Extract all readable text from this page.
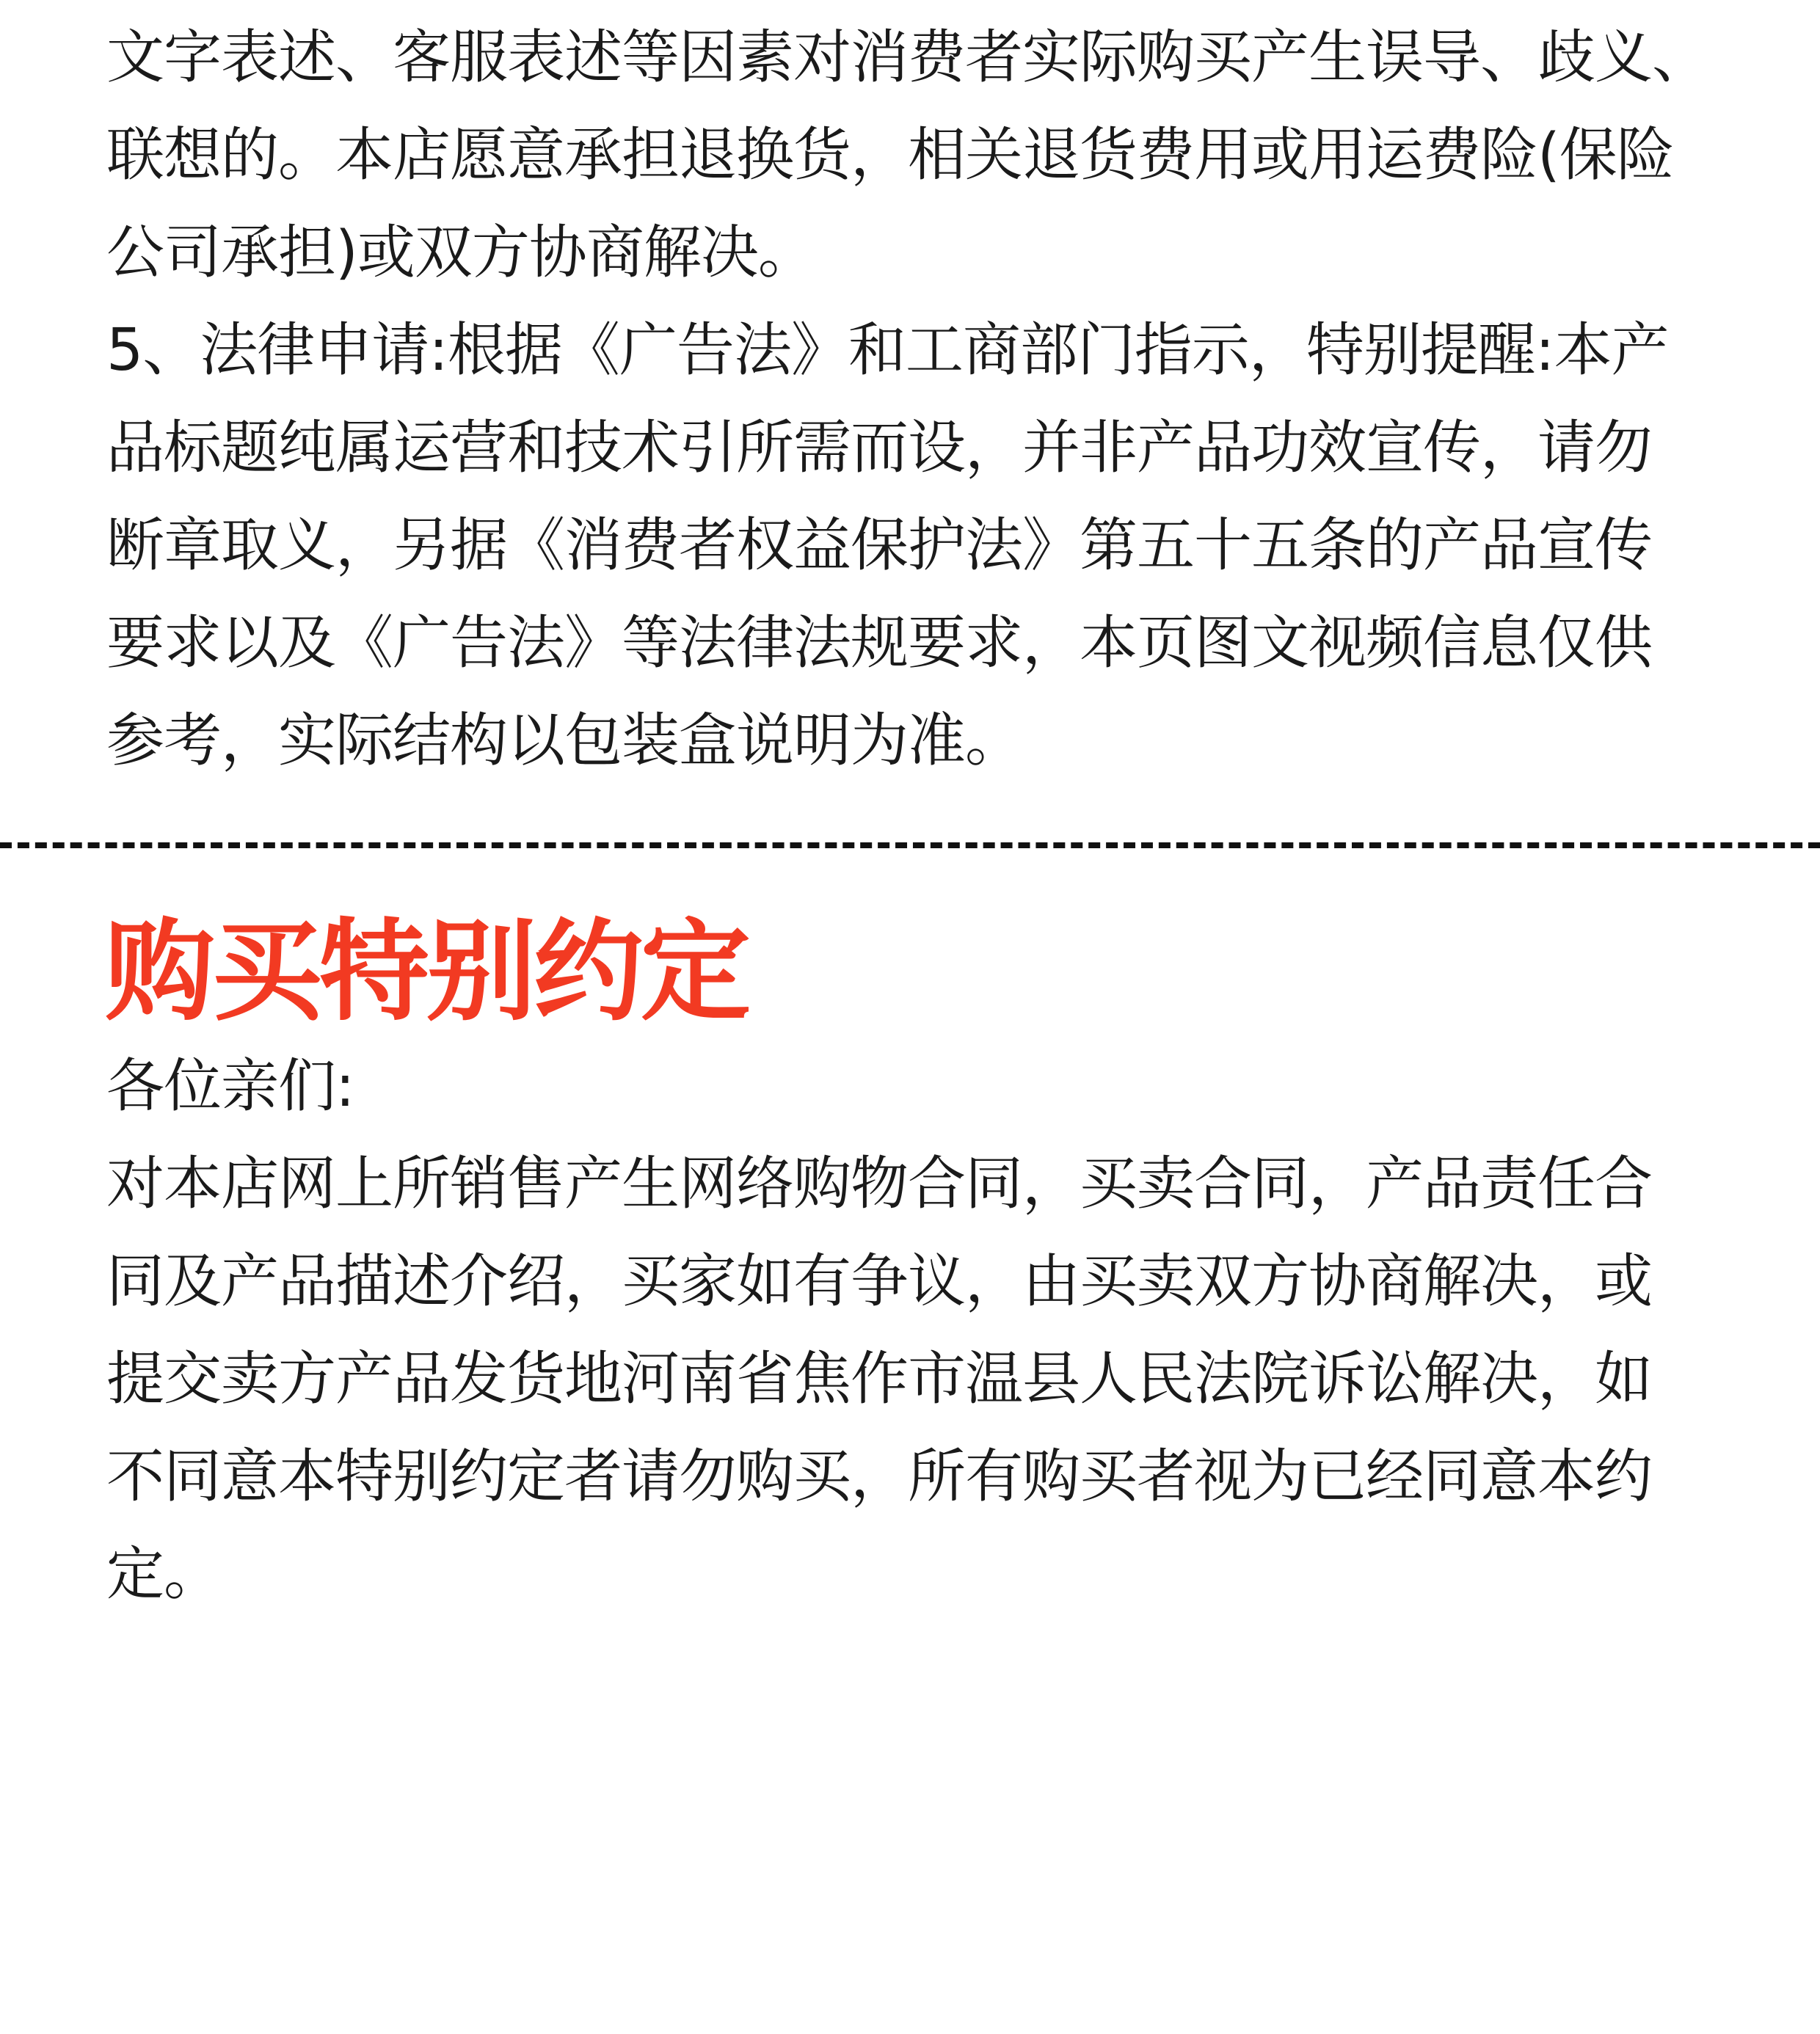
文字表述、客服表述等因素对消费者实际购买产生误导、歧义、
联想的。本店愿意承担退换货，相关退货费用或用运费险(保险
公司承担)或双方协商解决。
5、法律申请:根据《广告法》和工商部门指示，特别提醒:本产
品标题纯属运营和技术引所需而设，并非产品功效宣传，请勿
断章取义，另据《消费者权益保护法》第五十五条的产品宣传
要求以及《广告法》等法律法规要求，本页图文视频信息仅供
参考，实际结构以包装盒说明为准。
购买特别约定
各位亲们:
对本店网上所销售产生网络购物合同，买卖合同，产品责任合
同及产品描述介绍，买家如有争议，由买卖双方协商解决，或
提交卖方产品发货地河南省焦作市温县人民法院诉讼解决，如
不同意本特别约定者请勿购买，所有购买者视为已经同意本约
定。
